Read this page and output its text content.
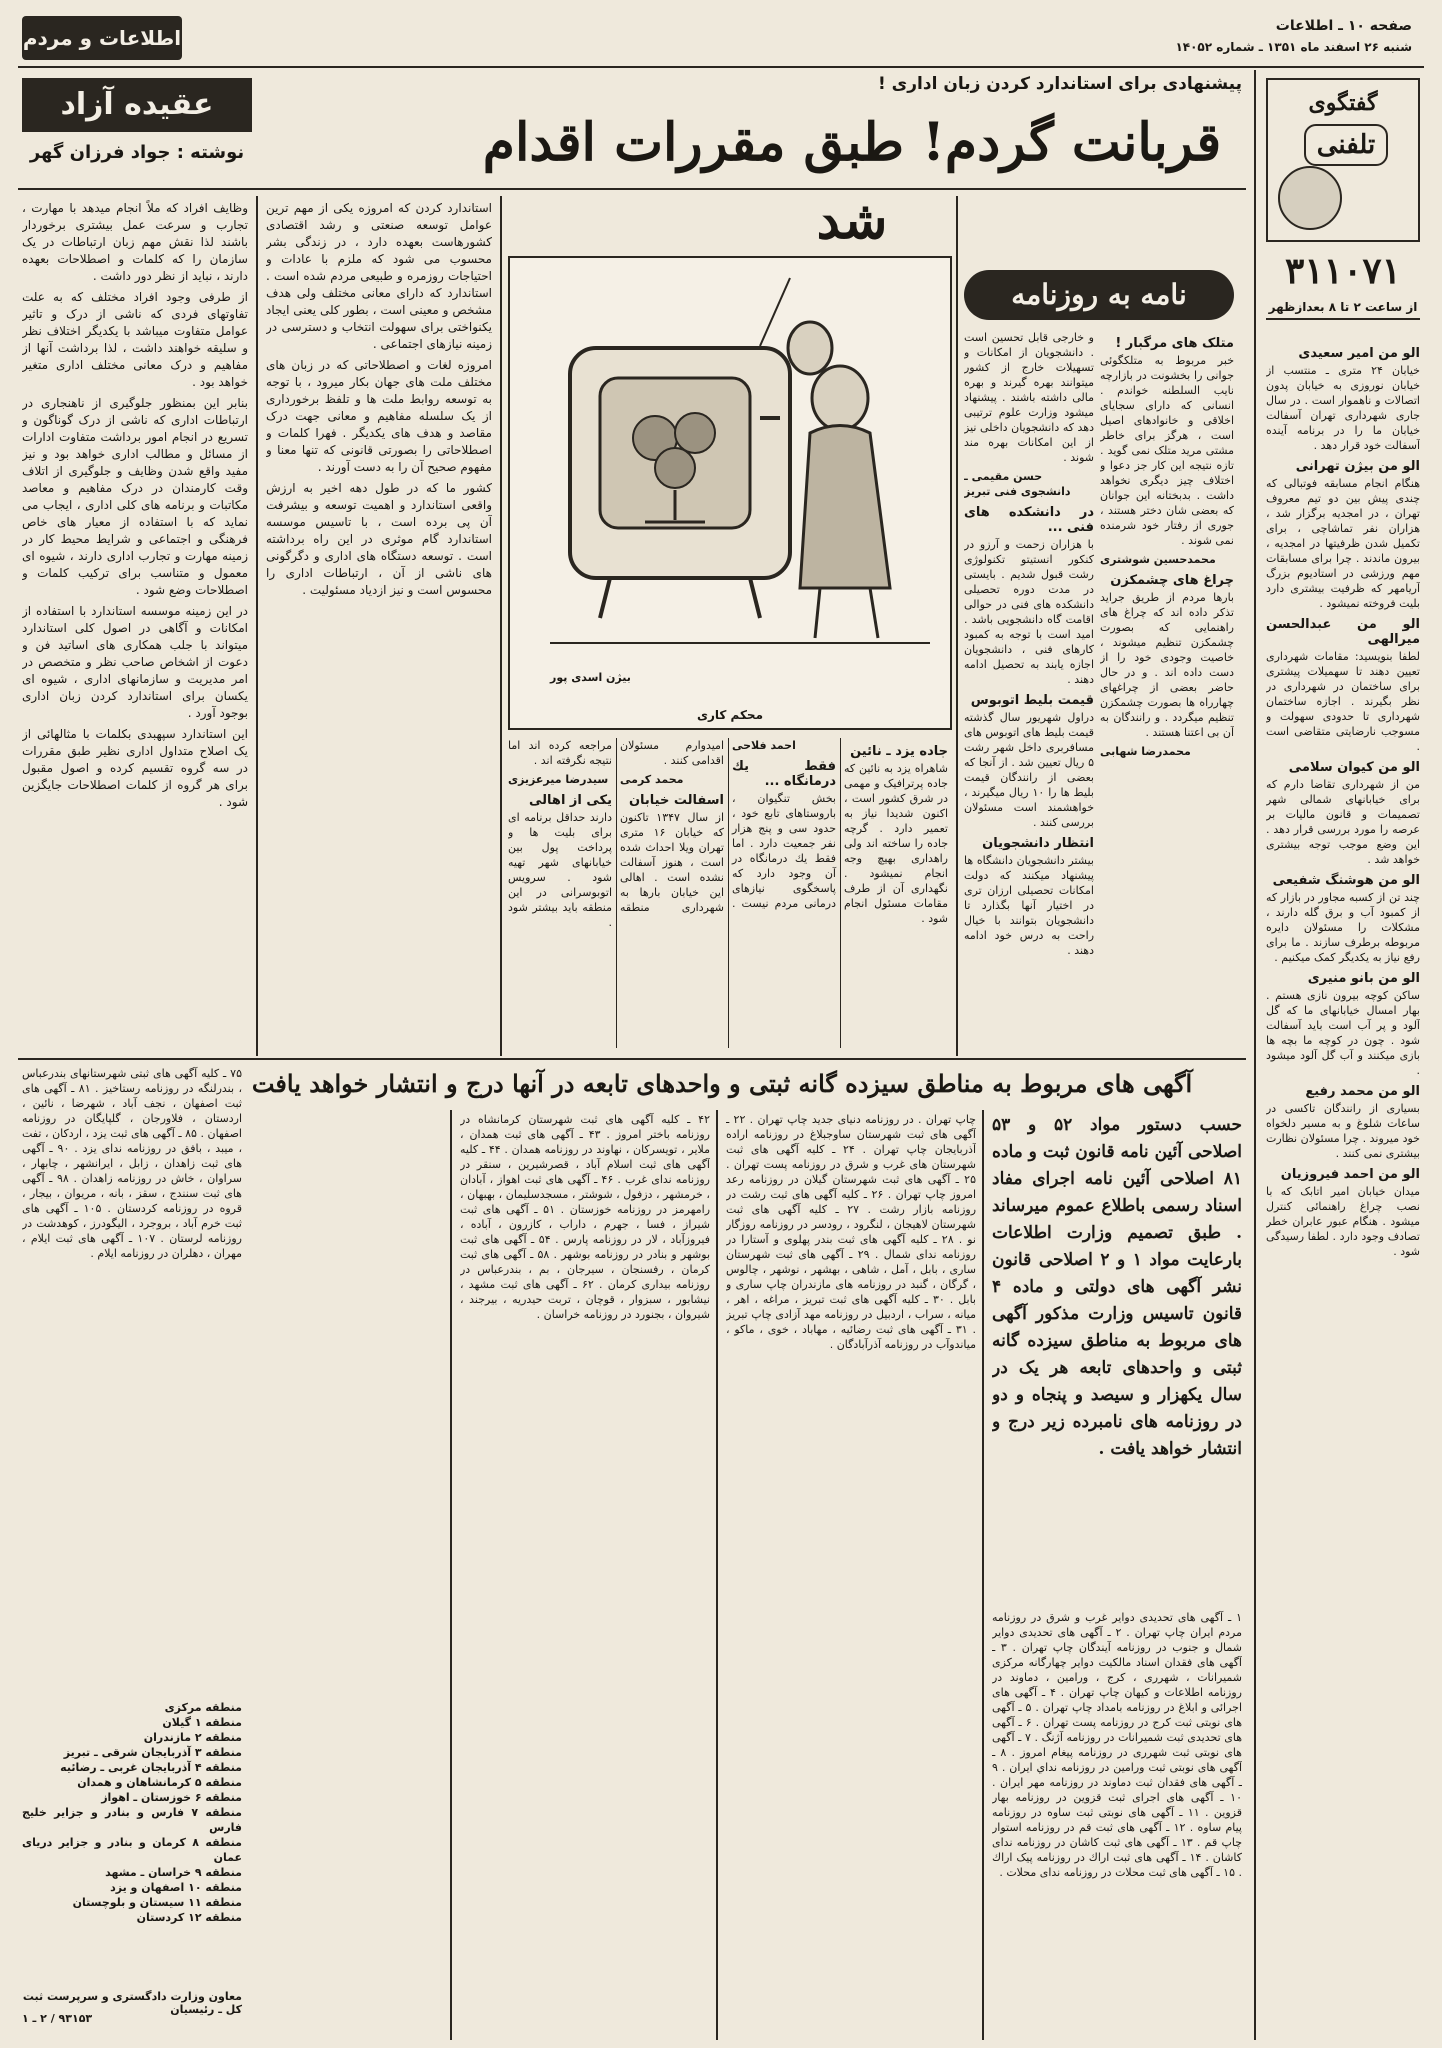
صفحه ۱۰ ـ اطلاعات
شنبه ۲۶ اسفند ماه ۱۳۵۱ ـ شماره ۱۴۰۵۲
اطلاعات و مردم
گفتگوی
تلفنی
۳۱۱۰۷۱
از ساعت ۲ تا ۸ بعدازظهر
الو من امیر سعیدی

خیابان ۲۴ متری ـ منتسب از خیابان نوروزی به خیابان پدون اتصالات و ناهموار است . در سال جاری شهرداری تهران آسفالت خیابان ما را در برنامه آینده آسفالت خود قرار دهد .

الو من بیژن تهرانی

هنگام انجام مسابقه فوتبالی که چندی پیش بین دو تیم معروف تهران ، در امجدیه برگزار شد ، هزاران نفر تماشاچی ، برای تکمیل شدن ظرفیتها در امجدیه ، بیرون ماندند . چرا برای مسابقات مهم ورزشی در استادیوم بزرگ آریامهر که ظرفیت بیشتری دارد بلیت فروخته نمیشود .

الو من عبدالحسن میرالهی

لطفا بنویسید: مقامات شهرداری تعیین دهند تا سهمیلات پیشتری برای ساختمان در شهرداری در نظر بگیرند . اجازه ساختمان شهرداری تا حدودی سهولت و مسوجب نارضایتی متقاضی است .

الو من کیوان سلامی

من از شهرداری تقاضا دارم که برای خیابانهای شمالی شهر تصمیمات و قانون مالیات بر عرصه را مورد بررسی قرار دهد . این وضع موجب توجه بیشتری خواهد شد .

الو من هوشنگ شفیعی

چند تن از کسبه مجاور در بازار که از کمبود آب و برق گله دارند ، مشکلات را مسئولان دایره مربوطه برطرف سازند . ما برای رفع نیاز به یکدیگر کمک میکنیم .

الو من بانو منیری

ساکن کوچه بیرون نازی هستم . بهار امسال خیابانهای ما که گل آلود و پر آب است باید آسفالت شود . چون در کوچه ما بچه ها بازی میکنند و آب گل آلود میشود .

الو من محمد رفیع

بسیاری از رانندگان تاکسی در ساعات شلوغ و به مسیر دلخواه خود میروند . چرا مسئولان نظارت بیشتری نمی کنند .

الو من احمد فیروزیان

میدان خیابان امیر اتابک که با نصب چراغ راهنمائی کنترل میشود . هنگام عبور عابران خطر تصادف وجود دارد . لطفا رسیدگی شود .

پیشنهادی برای استاندارد کردن زبان اداری !
قربانت گردم! طبق مقررات اقدام شد
عقیده آزاد
نوشته : جواد فرزان گهر

وظایف افراد که ملاً انجام میدهد با مهارت ، تجارب و سرعت عمل بیشتری برخوردار باشند لذا نقش مهم زبان ارتباطات در یک سازمان را که کلمات و اصطلاحات بعهده دارند ، نباید از نظر دور داشت .

از طرفی وجود افراد مختلف که به علت تفاوتهای فردی که ناشی از درک و تاثیر عوامل متفاوت میباشد با یکدیگر اختلاف نظر و سلیقه خواهند داشت ، لذا برداشت آنها از مفاهیم و درک معانی مختلف اداری متغیر خواهد بود .

بنابر این بمنظور جلوگیری از ناهنجاری در ارتباطات اداری که ناشی از درک گوناگون و تسریع در انجام امور برداشت متفاوت ادارات از مسائل و مطالب اداری خواهد بود و نیز مفید واقع شدن وظایف و جلوگیری از اتلاف وقت کارمندان در درک مفاهیم و معاصد مکاتبات و برنامه های کلی اداری ، ایجاب می نماید که با استفاده از معیار های خاص فرهنگی و اجتماعی و شرایط محیط کار در زمینه مهارت و تجارب اداری دارند ، شیوه ای معمول و متناسب برای ترکیب کلمات و اصطلاحات وضع شود .

در این زمینه موسسه استاندارد با استفاده از امکانات و آگاهی در اصول کلی استاندارد میتواند با جلب همکاری های اساتید فن و دعوت از اشخاص صاحب نظر و متخصص در امر مدیریت و سازمانهای اداری ، شیوه ای یکسان برای استاندارد کردن زبان اداری بوجود آورد .

این استاندارد سپهبدی بکلمات با مثالهائی از یک اصلاح متداول اداری نظیر طبق مقررات در سه گروه تقسیم کرده و اصول مقبول برای هر گروه از کلمات اصطلاحات جایگزین شود .

استاندارد کردن که امروزه یکی از مهم ترین عوامل توسعه صنعتی و رشد اقتصادی کشورهاست بعهده دارد ، در زندگی بشر محسوب می شود که ملزم با عادات و احتیاجات روزمره و طبیعی مردم شده است . استاندارد که دارای معانی مختلف ولی هدف مشخص و معینی است ، بطور کلی یعنی ایجاد یکنواختی برای سهولت انتخاب و دسترسی در زمینه نیازهای اجتماعی .

امروزه لغات و اصطلاحاتی که در زبان های مختلف ملت های جهان بکار میرود ، با توجه به توسعه روابط ملت ها و تلفظ برخورداری از یک سلسله مفاهیم و معانی جهت درک مقاصد و هدف های یکدیگر . فهرا کلمات و اصطلاحاتی را بصورتی قانونی که تنها معنا و مفهوم صحیح آن را به دست آورند .

کشور ما که در طول دهه اخیر به ارزش واقعی استاندارد و اهمیت توسعه و بیشرفت آن پی برده است ، با تاسیس موسسه استاندارد گام موثری در این راه برداشته است . توسعه دستگاه های اداری و دگرگونی های ناشی از آن ، ارتباطات اداری را محسوس است و نیز ازدیاد مسئولیت .

بیژن اسدی پور
محکم کاری
جاده یزد ـ نائین

شاهراه یزد به نائین که جاده پرترافیک و مهمی در شرق کشور است ، اکنون شدیدا نیاز به تعمیر دارد . گرچه جاده را ساخته اند ولی راهداری بهیچ وجه انجام نمیشود . نگهداری آن از طرف مقامات مسئول انجام شود .

احمد فلاحی
فقط یك درمانگاه ...

بخش تنگیوان ، باروستاهای تابع خود ، حدود سی و پنج هزار نفر جمعیت دارد . اما فقط یك درمانگاه در آن وجود دارد که پاسخگوی نیازهای درمانی مردم نیست . امیدوارم مسئولان اقدامی کنند .

محمد کرمی
اسفالت خیابان

از سال ۱۳۴۷ تاکنون که خیابان ۱۶ متری تهران ویلا احداث شده است ، هنوز آسفالت نشده است . اهالی این خیابان بارها به شهرداری منطقه مراجعه کرده اند اما نتیجه نگرفته اند .

سیدرضا میرعزیزی
یکی از اهالی

دارند حداقل برنامه ای برای بلیت ها و پرداخت پول بین خیابانهای شهر تهیه شود . سرویس اتوبوسرانی در این منطقه باید بیشتر شود .

نامه به روزنامه
متلک های مرگبار !

خبر مربوط به متلکگوئی جوانی را بخشونت در بازارچه نایب السلطنه خواندم . انسانی که دارای سجایای اخلاقی و خانوادهای اصیل است ، هرگز برای خاطر مشتی مرید متلک نمی گوید . تازه نتیجه این کار جز دعوا و اختلاف چیز دیگری نخواهد داشت . بدبختانه این جوانان که بعضی شان دختر هستند ، جوری از رفتار خود شرمنده نمی شوند .

محمدحسین شوشتری
چراغ های چشمکزن

بارها مردم از طریق جراید تذکر داده اند که چراغ های راهنمایی که بصورت چشمکزن تنظیم میشوند ، خاصیت وجودی خود را از دست داده اند . و در حال حاضر بعضی از چراغهای چهارراه ها بصورت چشمکزن تنظیم میگردد . و رانندگان به آن بی اعتنا هستند .

محمدرضا شهابی

و خارجی قابل تحسین است . دانشجویان از امکانات و تسهیلات خارج از کشور میتوانند بهره گیرند و بهره مالی داشته باشند . پیشنهاد میشود وزارت علوم ترتیبی دهد که دانشجویان داخلی نیز از این امکانات بهره مند شوند .

حسن مقیمی ـ دانشجوی فنی تبریز
در دانشکده های فنی ...

با هزاران زحمت و آرزو در کنکور انستیتو تکنولوژی رشت قبول شدیم . بایستی در مدت دوره تحصیلی دانشکده های فنی در حوالی اقامت گاه دانشجویی باشد . امید است با توجه به کمبود کارهای فنی ، دانشجویان اجازه یابند به تحصیل ادامه دهند .

قیمت بلیط اتوبوس

دراول شهریور سال گذشته قیمت بلیط های اتوبوس های مسافربری داخل شهر رشت ۵ ریال تعیین شد . از آنجا که بعضی از رانندگان قیمت بلیط ها را ۱۰ ریال میگیرند ، خواهشمند است مسئولان بررسی کنند .

انتظار دانشجویان

بیشتر دانشجویان دانشگاه ها پیشنهاد میکنند که دولت امکانات تحصیلی ارزان تری در اختیار آنها بگذارد تا دانشجویان بتوانند با خیال راحت به درس خود ادامه دهند .

آگهی های مربوط به مناطق سیزده گانه ثبتی و واحدهای تابعه در آنها درج و انتشار خواهد یافت
حسب دستور مواد ۵۲ و ۵۳ اصلاحی آئین نامه قانون ثبت و ماده ۸۱ اصلاحی آئین نامه اجرای مفاد اسناد رسمی باطلاع عموم میرساند . طبق تصمیم وزارت اطلاعات بارعایت مواد ۱ و ۲ اصلاحی قانون نشر آگهی های دولتی و ماده ۴ قانون تاسیس وزارت مذکور آگهی های مربوط به مناطق سیزده گانه ثبتی و واحدهای تابعه هر یک در سال یکهزار و سیصد و پنجاه و دو در روزنامه های نامبرده زیر درج و انتشار خواهد یافت .
۱ ـ آگهی های تحدیدی دوایر غرب و شرق در روزنامه مردم ایران چاپ تهران . ۲ ـ آگهی های تحدیدی دوایر شمال و جنوب در روزنامه آیندگان چاپ تهران . ۳ ـ آگهی های فقدان اسناد مالکیت دوایر چهارگانه مرکزی شمیرانات ، شهرری ، کرج ، ورامین ، دماوند در روزنامه اطلاعات و کیهان چاپ تهران . ۴ ـ آگهی های اجرائی و ابلاغ در روزنامه بامداد چاپ تهران . ۵ ـ آگهی های نوبتی ثبت کرج در روزنامه پست تهران . ۶ ـ آگهی های تحدیدی ثبت شمیرانات در روزنامه آژنگ . ۷ ـ آگهی های نوبتی ثبت شهرری در روزنامه پیغام امروز . ۸ ـ آگهی های نوبتی ثبت ورامین در روزنامه نداي ایران . ۹ ـ آگهی های فقدان ثبت دماوند در روزنامه مهر ایران . ۱۰ ـ آگهی های اجرای ثبت قزوین در روزنامه بهار قزوین . ۱۱ ـ آگهی های نوبتی ثبت ساوه در روزنامه پیام ساوه . ۱۲ ـ آگهی های ثبت قم در روزنامه استوار چاپ قم . ۱۳ ـ آگهی های ثبت کاشان در روزنامه ندای کاشان . ۱۴ ـ آگهی های ثبت اراك در روزنامه پیک اراك . ۱۵ ـ آگهی های ثبت محلات در روزنامه ندای محلات .
چاپ تهران . در روزنامه دنیای جدید چاپ تهران . ۲۲ ـ آگهی های ثبت شهرستان ساوجبلاغ در روزنامه اراده آذربایجان چاپ تهران . ۲۴ ـ کلیه آگهی های ثبت شهرستان های غرب و شرق در روزنامه پست تهران . ۲۵ ـ آگهی های ثبت شهرستان گیلان در روزنامه رعد امروز چاپ تهران . ۲۶ ـ کلیه آگهی های ثبت رشت در روزنامه بازار رشت . ۲۷ ـ کلیه آگهی های ثبت شهرستان لاهیجان ، لنگرود ، رودسر در روزنامه روزگار نو . ۲۸ ـ کلیه آگهی های ثبت بندر پهلوی و آستارا در روزنامه ندای شمال . ۲۹ ـ آگهی های ثبت شهرستان ساری ، بابل ، آمل ، شاهی ، بهشهر ، نوشهر ، چالوس ، گرگان ، گنبد در روزنامه های مازندران چاپ ساری و بابل . ۳۰ ـ کلیه آگهی های ثبت تبریز ، مراغه ، اهر ، میانه ، سراب ، اردبیل در روزنامه مهد آزادی چاپ تبریز . ۳۱ ـ آگهی های ثبت رضائیه ، مهاباد ، خوی ، ماکو ، میاندوآب در روزنامه آذرآبادگان .
۴۲ ـ کلیه آگهی های ثبت شهرستان کرمانشاه در روزنامه باختر امروز . ۴۳ ـ آگهی های ثبت همدان ، ملایر ، تویسرکان ، نهاوند در روزنامه همدان . ۴۴ ـ کلیه آگهی های ثبت اسلام آباد ، قصرشیرین ، سنقر در روزنامه ندای غرب . ۴۶ ـ آگهی های ثبت اهواز ، آبادان ، خرمشهر ، دزفول ، شوشتر ، مسجدسلیمان ، بهبهان ، رامهرمز در روزنامه خوزستان . ۵۱ ـ آگهی های ثبت شیراز ، فسا ، جهرم ، داراب ، کازرون ، آباده ، فیروزآباد ، لار در روزنامه پارس . ۵۴ ـ آگهی های ثبت بوشهر و بنادر در روزنامه بوشهر . ۵۸ ـ آگهی های ثبت کرمان ، رفسنجان ، سیرجان ، بم ، بندرعباس در روزنامه بیداری کرمان . ۶۲ ـ آگهی های ثبت مشهد ، نیشابور ، سبزوار ، قوچان ، تربت حیدریه ، بیرجند ، شیروان ، بجنورد در روزنامه خراسان .
۷۵ ـ کلیه آگهی های ثبتی شهرستانهای بندرعباس ، بندرلنگه در روزنامه رستاخیز . ۸۱ ـ آگهی های ثبت اصفهان ، نجف آباد ، شهرضا ، نائین ، اردستان ، فلاورجان ، گلپایگان در روزنامه اصفهان . ۸۵ ـ آگهی های ثبت یزد ، اردکان ، تفت ، میبد ، بافق در روزنامه ندای یزد . ۹۰ ـ آگهی های ثبت زاهدان ، زابل ، ایرانشهر ، چابهار ، سراوان ، خاش در روزنامه زاهدان . ۹۸ ـ آگهی های ثبت سنندج ، سقز ، بانه ، مریوان ، بیجار ، قروه در روزنامه کردستان . ۱۰۵ ـ آگهی های ثبت خرم آباد ، بروجرد ، الیگودرز ، کوهدشت در روزنامه لرستان . ۱۰۷ ـ آگهی های ثبت ایلام ، مهران ، دهلران در روزنامه ایلام .
منطقه مرکزی
منطقه ۱ گیلان
منطقه ۲ مازندران
منطقه ۳ آذربایجان شرقی ـ تبریز
منطقه ۴ آذربایجان غربی ـ رضائیه
منطقه ۵ کرمانشاهان و همدان
منطقه ۶ خوزستان ـ اهواز
منطقه ۷ فارس و بنادر و جزایر خلیج فارس
منطقه ۸ کرمان و بنادر و جزایر دریای عمان
منطقه ۹ خراسان ـ مشهد
منطقه ۱۰ اصفهان و یزد
منطقه ۱۱ سیستان و بلوچستان
منطقه ۱۲ کردستان
معاون وزارت دادگستری و سرپرست ثبت کل ـ رئیسیان
۹۳۱۵۳ / ۲ ـ ۱
